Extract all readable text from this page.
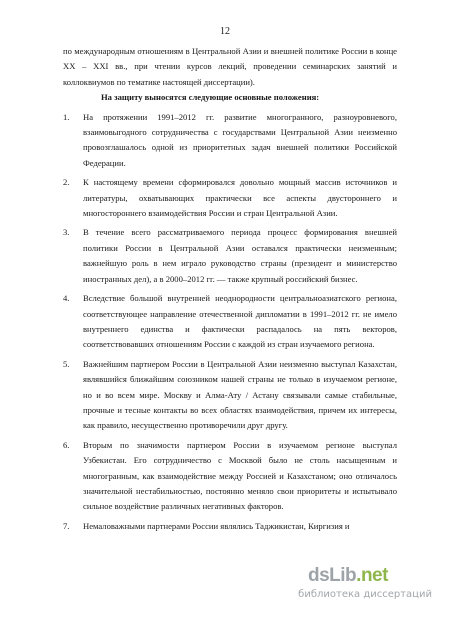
12

по международным отношениям в Центральной Азии и внешней политике России в конце XX – XXI вв., при чтении курсов лекций, проведении семинарских занятий и коллоквиумов по тематике настоящей диссертации).

На защиту выносятся следующие основные положения:

1.	На протяжении 1991–2012 гг. развитие многогранного, разноуровневого, взаимовыгодного сотрудничества с государствами Центральной Азии неизменно провозглашалось одной из приоритетных задач внешней политики Российской Федерации.
2.	К настоящему времени сформировался довольно мощный массив источников и литературы, охватывающих практически все аспекты двустороннего и многостороннего взаимодействия России и стран Центральной Азии.
3.	В течение всего рассматриваемого периода процесс формирования внешней политики России в Центральной Азии оставался практически неизменным; важнейшую роль в нем играло руководство страны (президент и министерство иностранных дел), а в 2000–2012 гг. — также крупный российский бизнес.
4.	Вследствие большой внутренней неоднородности центральноазиатского региона, соответствующее направление отечественной дипломатии в 1991–2012 гг. не имело внутреннего единства и фактически распадалось на пять векторов, соответствовавших отношениям России с каждой из стран изучаемого региона.
5.	Важнейшим партнером России в Центральной Азии неизменно выступал Казахстан, являвшийся ближайшим союзником нашей страны не только в изучаемом регионе, но и во всем мире. Москву и Алма-Ату / Астану связывали самые стабильные, прочные и тесные контакты во всех областях взаимодействия, причем их интересы, как правило, несущественно противоречили друг другу.
6.	Вторым по значимости партнером России в изучаемом регионе выступал Узбекистан. Его сотрудничество с Москвой было не столь насыщенным и многогранным, как взаимодействие между Россией и Казахстаном; оно отличалось значительной нестабильностью, постоянно меняло свои приоритеты и испытывало сильное воздействие различных негативных факторов.
7.	Немаловажными партнерами России являлись Таджикистан, Киргизия и
dsLib.net
библиотека диссертаций
